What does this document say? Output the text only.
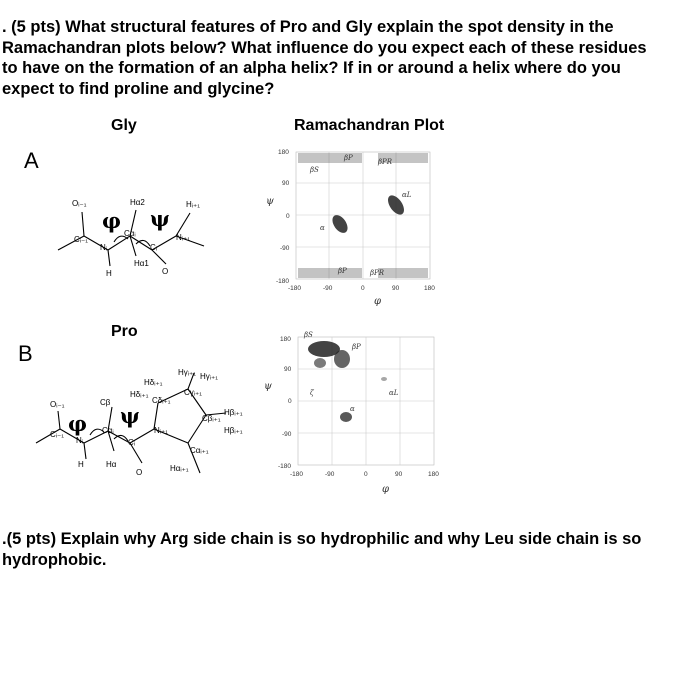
. (5 pts) What structural features of Pro and Gly explain the spot density in the Ramachandran plots below? What influence do you expect each of these residues to have on the formation of an alpha helix? If in or around a helix where do you expect to find proline and glycine?
Gly	Ramachandran Plot
Pro
A
B
Oᵢ₋₁
Cᵢ₋₁
Nᵢ
Cαᵢ
Cᵢ
Nᵢ₊₁
Hᵢ₊₁
Hα2
Hα1
H	O
φ ψ
Oᵢ₋₁
Cᵢ₋₁
Nᵢ
Cαᵢ
Cᵢ
Cβ
H	Hα
O
Nᵢ₊₁
Cδᵢ₊₁
Cγᵢ₊₁
Cβᵢ₊₁
Cαᵢ₊₁
Hδᵢ₊₁
Hδᵢ₊₁
Hγᵢ₊₁ Hγᵢ₊₁
Hβᵢ₊₁
Hβᵢ₊₁
Hαᵢ₊₁
φ ψ
180
90
0
-90
-180
-180	-90	0	90	180
ψ
φ
βS
βP	βPR
αL
α
βP	βPR
180
90
0
-90
-180
-180	-90	0	90	180
ψ
φ
βS
βP
ζ	αL
α
.(5 pts) Explain why Arg side chain is so hydrophilic and why Leu side chain is so hydrophobic.
